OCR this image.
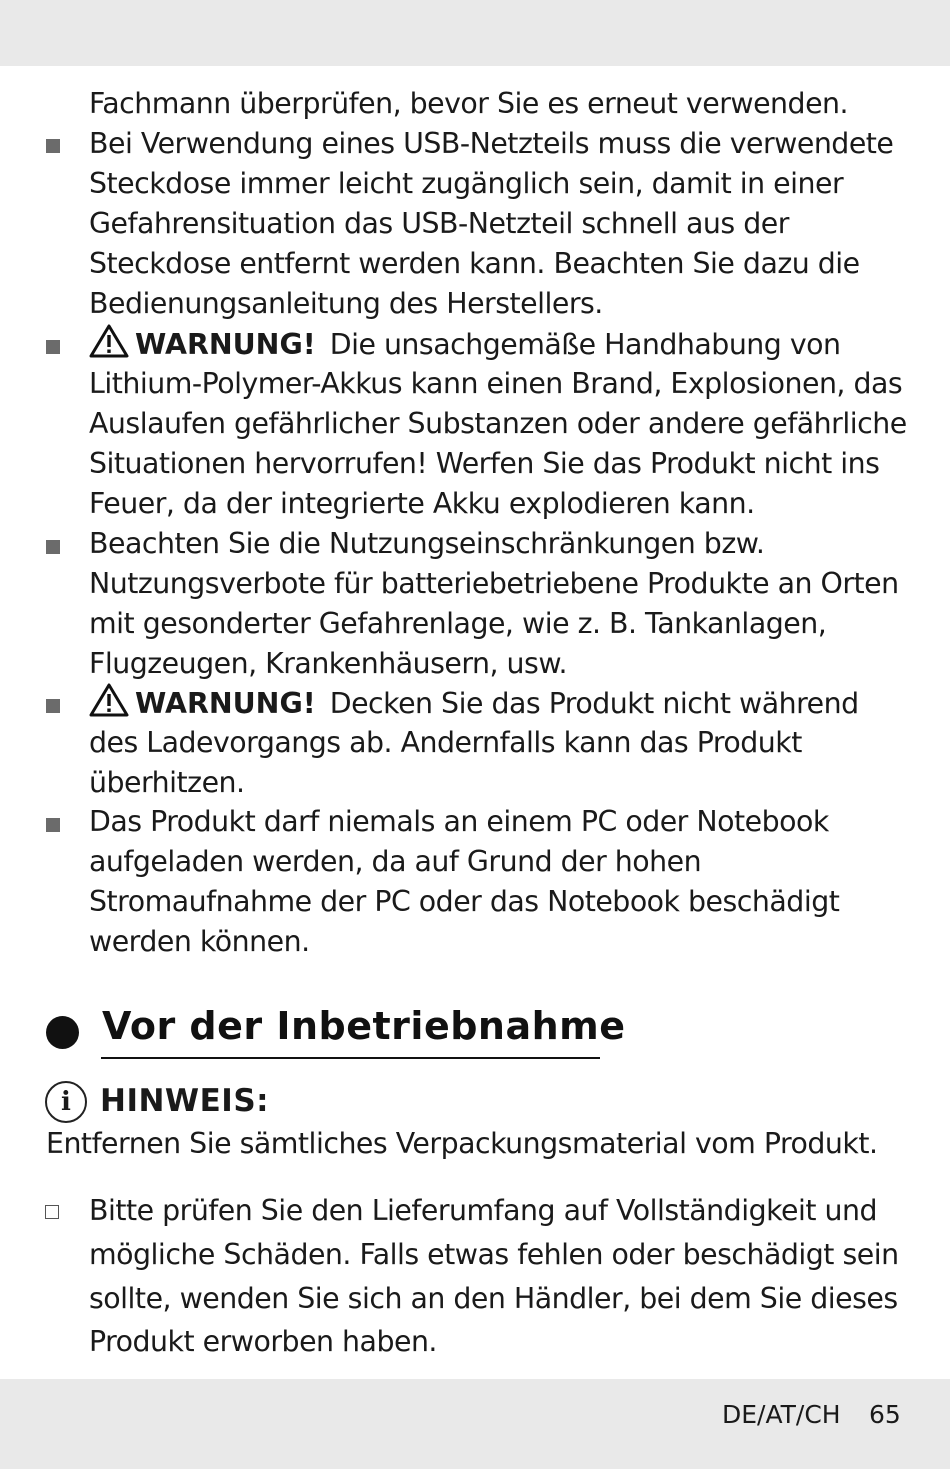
Fachmann überprüfen, bevor Sie es erneut verwenden.
Bei Verwendung eines USB-Netzteils muss die verwendete
Steckdose immer leicht zugänglich sein, damit in einer
Gefahrensituation das USB-Netzteil schnell aus der
Steckdose entfernt werden kann. Beachten Sie dazu die
Bedienungsanleitung des Herstellers.
WARNUNG! Die unsachgemäße Handhabung von
Lithium-Polymer-Akkus kann einen Brand, Explosionen, das
Auslaufen gefährlicher Substanzen oder andere gefährliche
Situationen hervorrufen! Werfen Sie das Produkt nicht ins
Feuer, da der integrierte Akku explodieren kann.
Beachten Sie die Nutzungseinschränkungen bzw.
Nutzungsverbote für batteriebetriebene Produkte an Orten
mit gesonderter Gefahrenlage, wie z. B. Tankanlagen,
Flugzeugen, Krankenhäusern, usw.
WARNUNG! Decken Sie das Produkt nicht während
des Ladevorgangs ab. Andernfalls kann das Produkt
überhitzen.
Das Produkt darf niemals an einem PC oder Notebook
aufgeladen werden, da auf Grund der hohen
Stromaufnahme der PC oder das Notebook beschädigt
werden können.
Vor der Inbetriebnahme
i HINWEIS:
Entfernen Sie sämtliches Verpackungsmaterial vom Produkt.
Bitte prüfen Sie den Lieferumfang auf Vollständigkeit und
mögliche Schäden. Falls etwas fehlen oder beschädigt sein
sollte, wenden Sie sich an den Händler, bei dem Sie dieses
Produkt erworben haben.
DE/AT/CH 65
